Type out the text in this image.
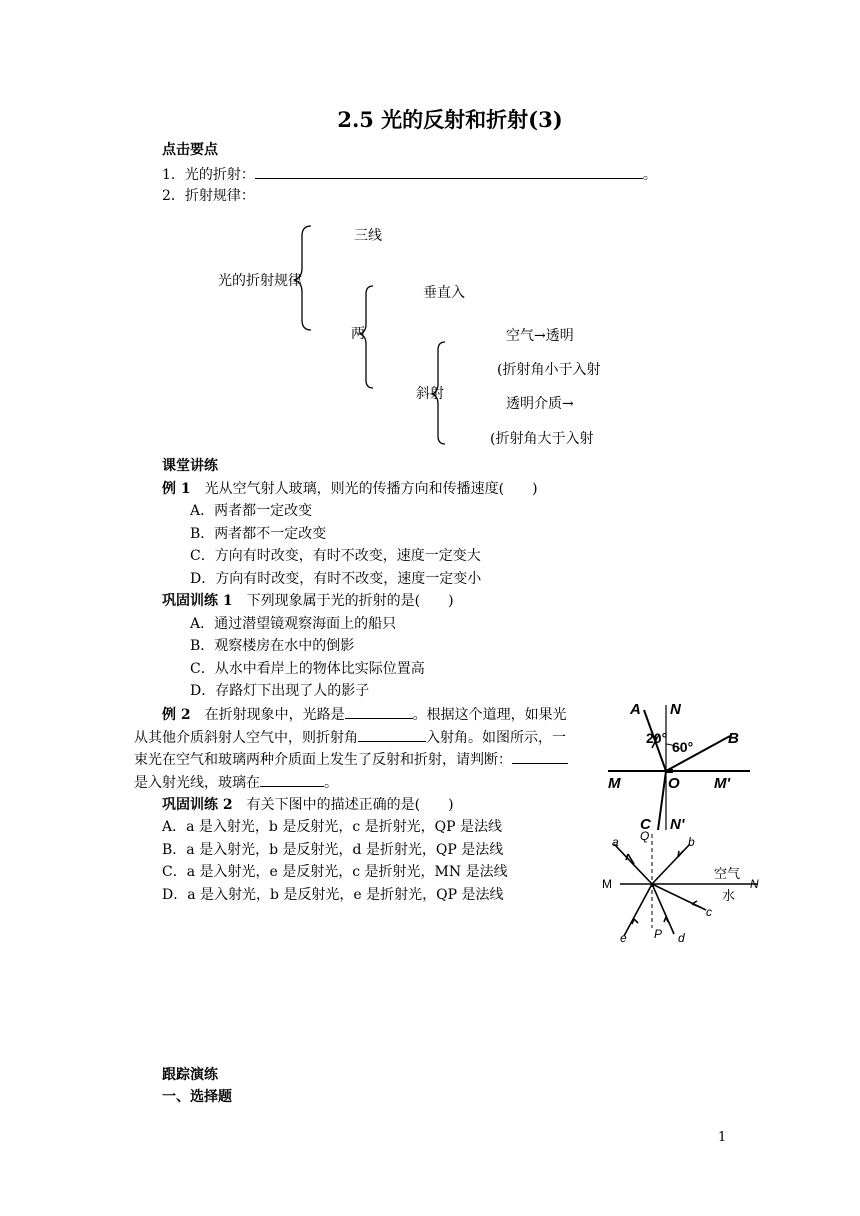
2.5 光的反射和折射(3)
点击要点
1．光的折射：	。
2．折射规律：
光的折射规律
三线
两
垂直入
斜射
空气→透明
(折射角小于入射
透明介质→
(折射角大于入射
课堂讲练
例 1　 光从空气射人玻璃，则光的传播方向和传播速度(　　)
A．两者都一定改变
B．两者都不一定改变
C．方向有时改变，有时不改变，速度一定变大
D．方向有时改变，有时不改变，速度一定变小
巩固训练 1　 下列现象属于光的折射的是(　　)
A．通过潜望镜观察海面上的船只
B．观察楼房在水中的倒影
C．从水中看岸上的物体比实际位置高
D．存路灯下出现了人的影子
例 2　 在折射现象中，光路是	。根据这个道理，如果光
从其他介质斜射人空气中，则折射角	入射角。如图所示，一
束光在空气和玻璃两种介质面上发生了反射和折射，请判断：
是入射光线，玻璃在	。
巩固训练 2　 有关下图中的描述正确的是(　　)
A．a 是入射光，b 是反射光，c 是折射光，QP 是法线
B．a 是入射光，b 是反射光，d 是折射光，QP 是法线
C．a 是入射光，e 是反射光，c 是折射光，MN 是法线
D．a 是入射光，b 是反射光，e 是折射光，QP 是法线
A N
B
M	O M'
C N'
20°
60°
Q
a	b
M	N
c
e P d
空气
水
跟踪演练
一、选择题
1
